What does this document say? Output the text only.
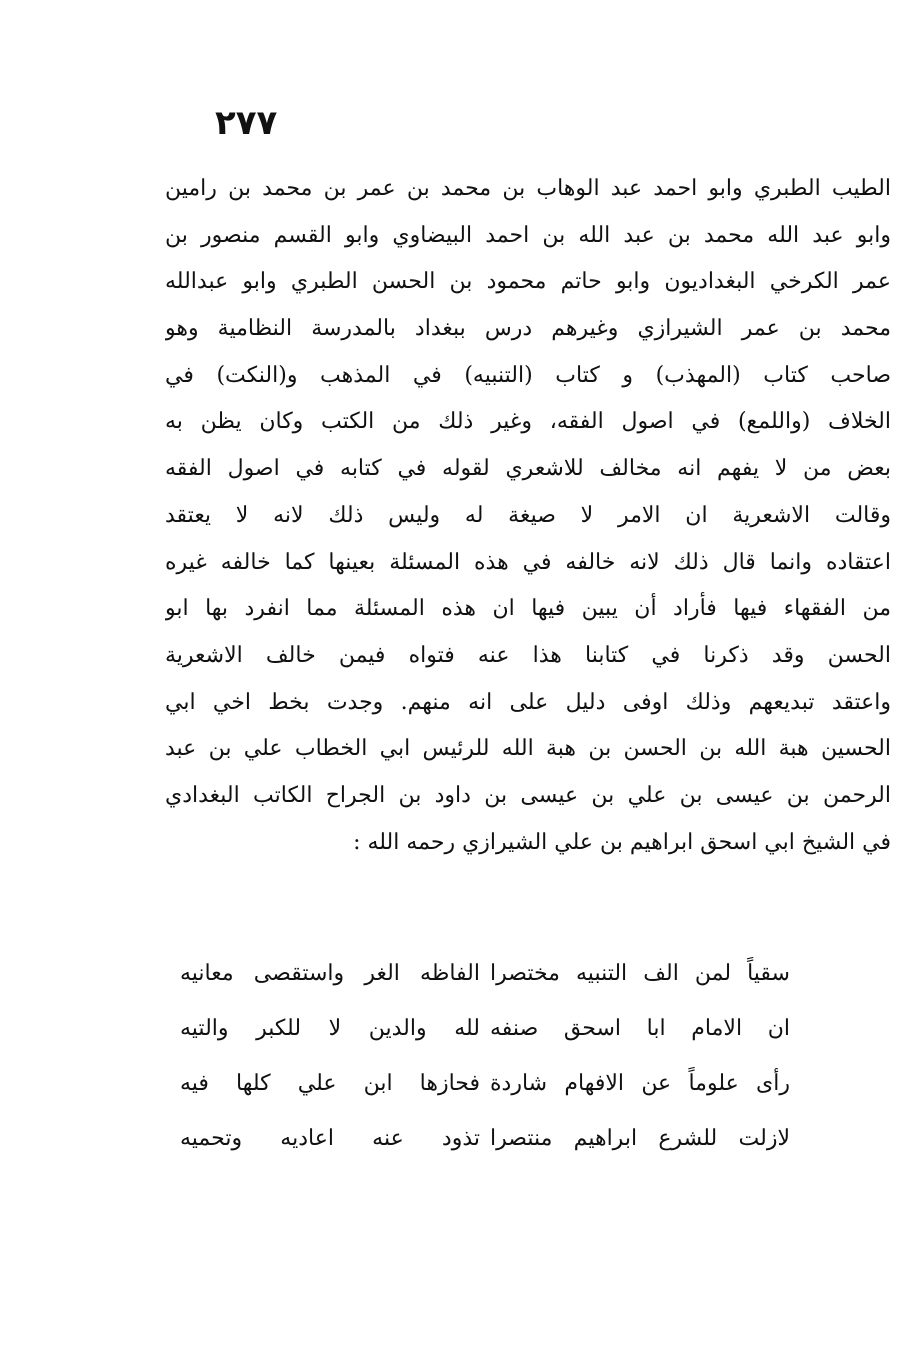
٢٧٧
الطيب الطبري وابو احمد عبد الوهاب بن محمد بن عمر بن محمد بن رامين
وابو عبد الله محمد بن عبد الله بن احمد البيضاوي وابو القسم منصور بن
عمر الكرخي البغداديون وابو حاتم محمود بن الحسن الطبري وابو عبدالله
محمد بن عمر الشيرازي وغيرهم درس ببغداد بالمدرسة النظامية وهو
صاحب كتاب (المهذب) و كتاب (التنبيه) في المذهب و(النكت) في
الخلاف (واللمع) في اصول الفقه، وغير ذلك من الكتب وكان يظن به
بعض من لا يفهم انه مخالف للاشعري لقوله في كتابه في اصول الفقه
وقالت الاشعرية ان الامر لا صيغة له وليس ذلك لانه لا يعتقد
اعتقاده وانما قال ذلك لانه خالفه في هذه المسئلة بعينها كما خالفه غيره
من الفقهاء فيها فأراد أن يبين فيها ان هذه المسئلة مما انفرد بها ابو
الحسن وقد ذكرنا في كتابنا هذا عنه فتواه فيمن خالف الاشعرية
واعتقد تبديعهم وذلك اوفى دليل على انه منهم. وجدت بخط اخي ابي
الحسين هبة الله بن الحسن بن هبة الله للرئيس ابي الخطاب علي بن عبد
الرحمن بن عيسى بن علي بن عيسى بن داود بن الجراح الكاتب البغدادي
في الشيخ ابي اسحق ابراهيم بن علي الشيرازي رحمه الله :
سقياً لمن الف التنبيه مختصرا
الفاظه الغر واستقصى معانيه
ان الامام ابا اسحق صنفه
لله والدين لا للكبر والتيه
رأى علوماً عن الافهام شاردة
فحازها ابن علي كلها فيه
لازلت للشرع ابراهيم منتصرا
تذود عنه اعاديه وتحميه
